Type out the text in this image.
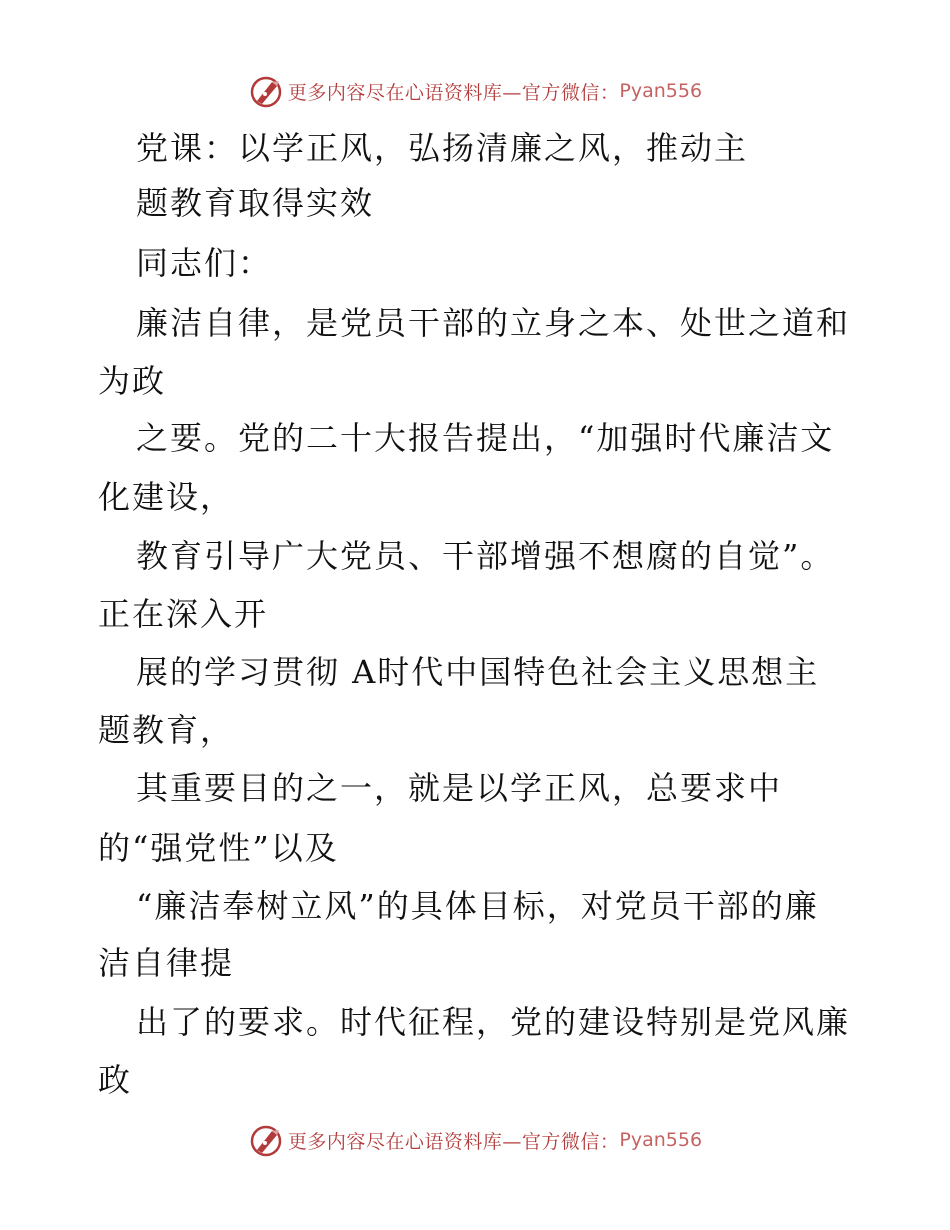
更多内容尽在心语资料库—官方微信： Pyan556
党课：以学正风，弘扬清廉之风，推动主
题教育取得实效
同志们：
廉洁自律，是党员干部的立身之本、处世之道和
为政
之要。党的二十大报告提出，“加强时代廉洁文
化建设，
教育引导广大党员、干部增强不想腐的自觉”。
正在深入开
展的学习贯彻 A时代中国特色社会主义思想主
题教育，
其重要目的之一，就是以学正风，总要求中
的“强党性”以及
“廉洁奉树立风”的具体目标，对党员干部的廉
洁自律提
出了的要求。时代征程，党的建设特别是党风廉
政
更多内容尽在心语资料库—官方微信： Pyan556
